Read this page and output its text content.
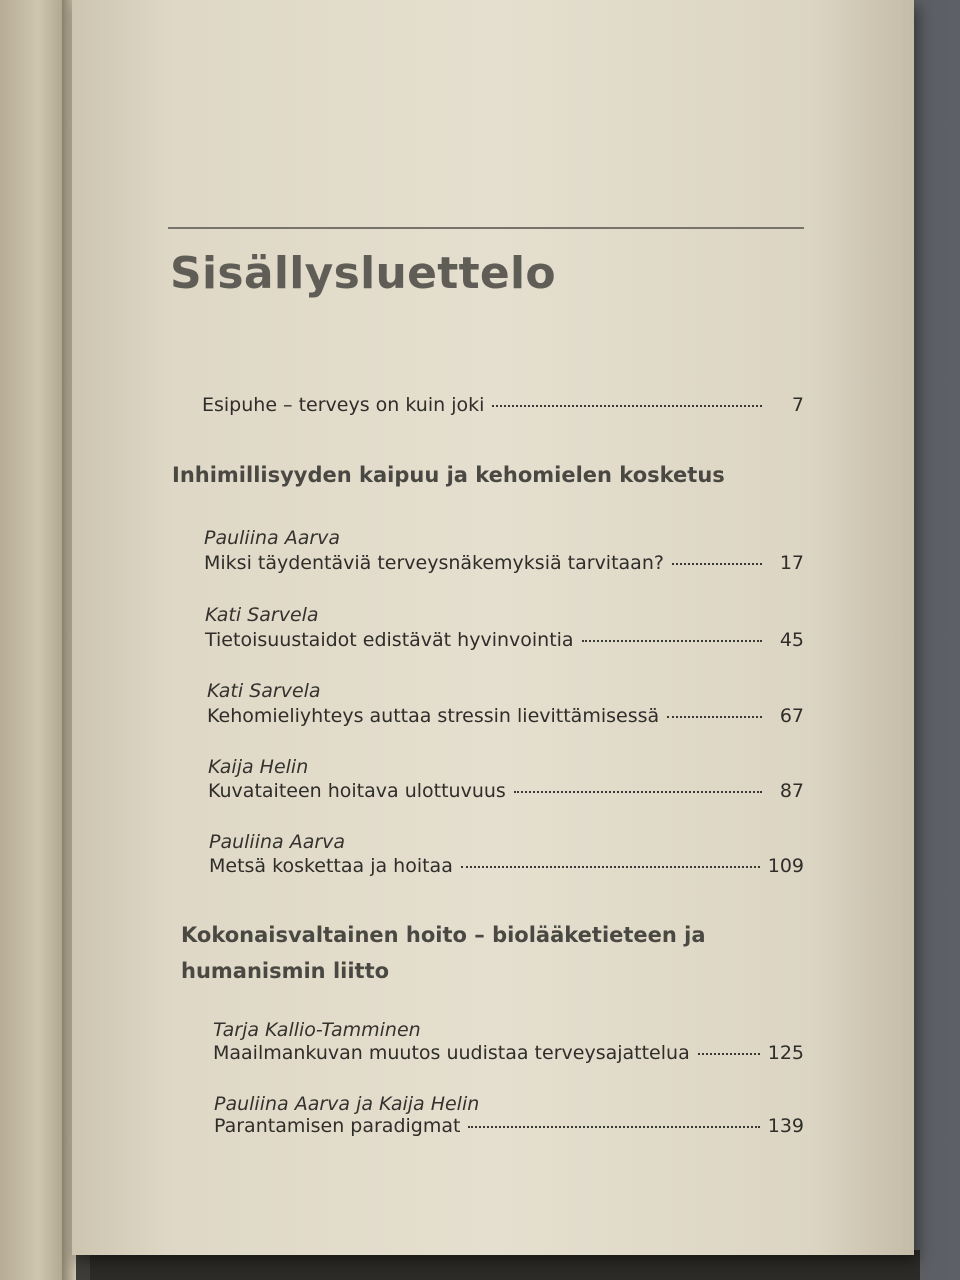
Sisällysluettelo
Esipuhe – terveys on kuin joki	7
Inhimillisyyden kaipuu ja kehomielen kosketus
Pauliina Aarva
Miksi täydentäviä terveysnäkemyksiä tarvitaan?	17
Kati Sarvela
Tietoisuustaidot edistävät hyvinvointia	45
Kati Sarvela
Kehomieliyhteys auttaa stressin lievittämisessä	67
Kaija Helin
Kuvataiteen hoitava ulottuvuus	87
Pauliina Aarva
Metsä koskettaa ja hoitaa	109
Kokonaisvaltainen hoito – biolääketieteen ja
humanismin liitto
Tarja Kallio-Tamminen
Maailmankuvan muutos uudistaa terveysajattelua	125
Pauliina Aarva ja Kaija Helin
Parantamisen paradigmat	139
